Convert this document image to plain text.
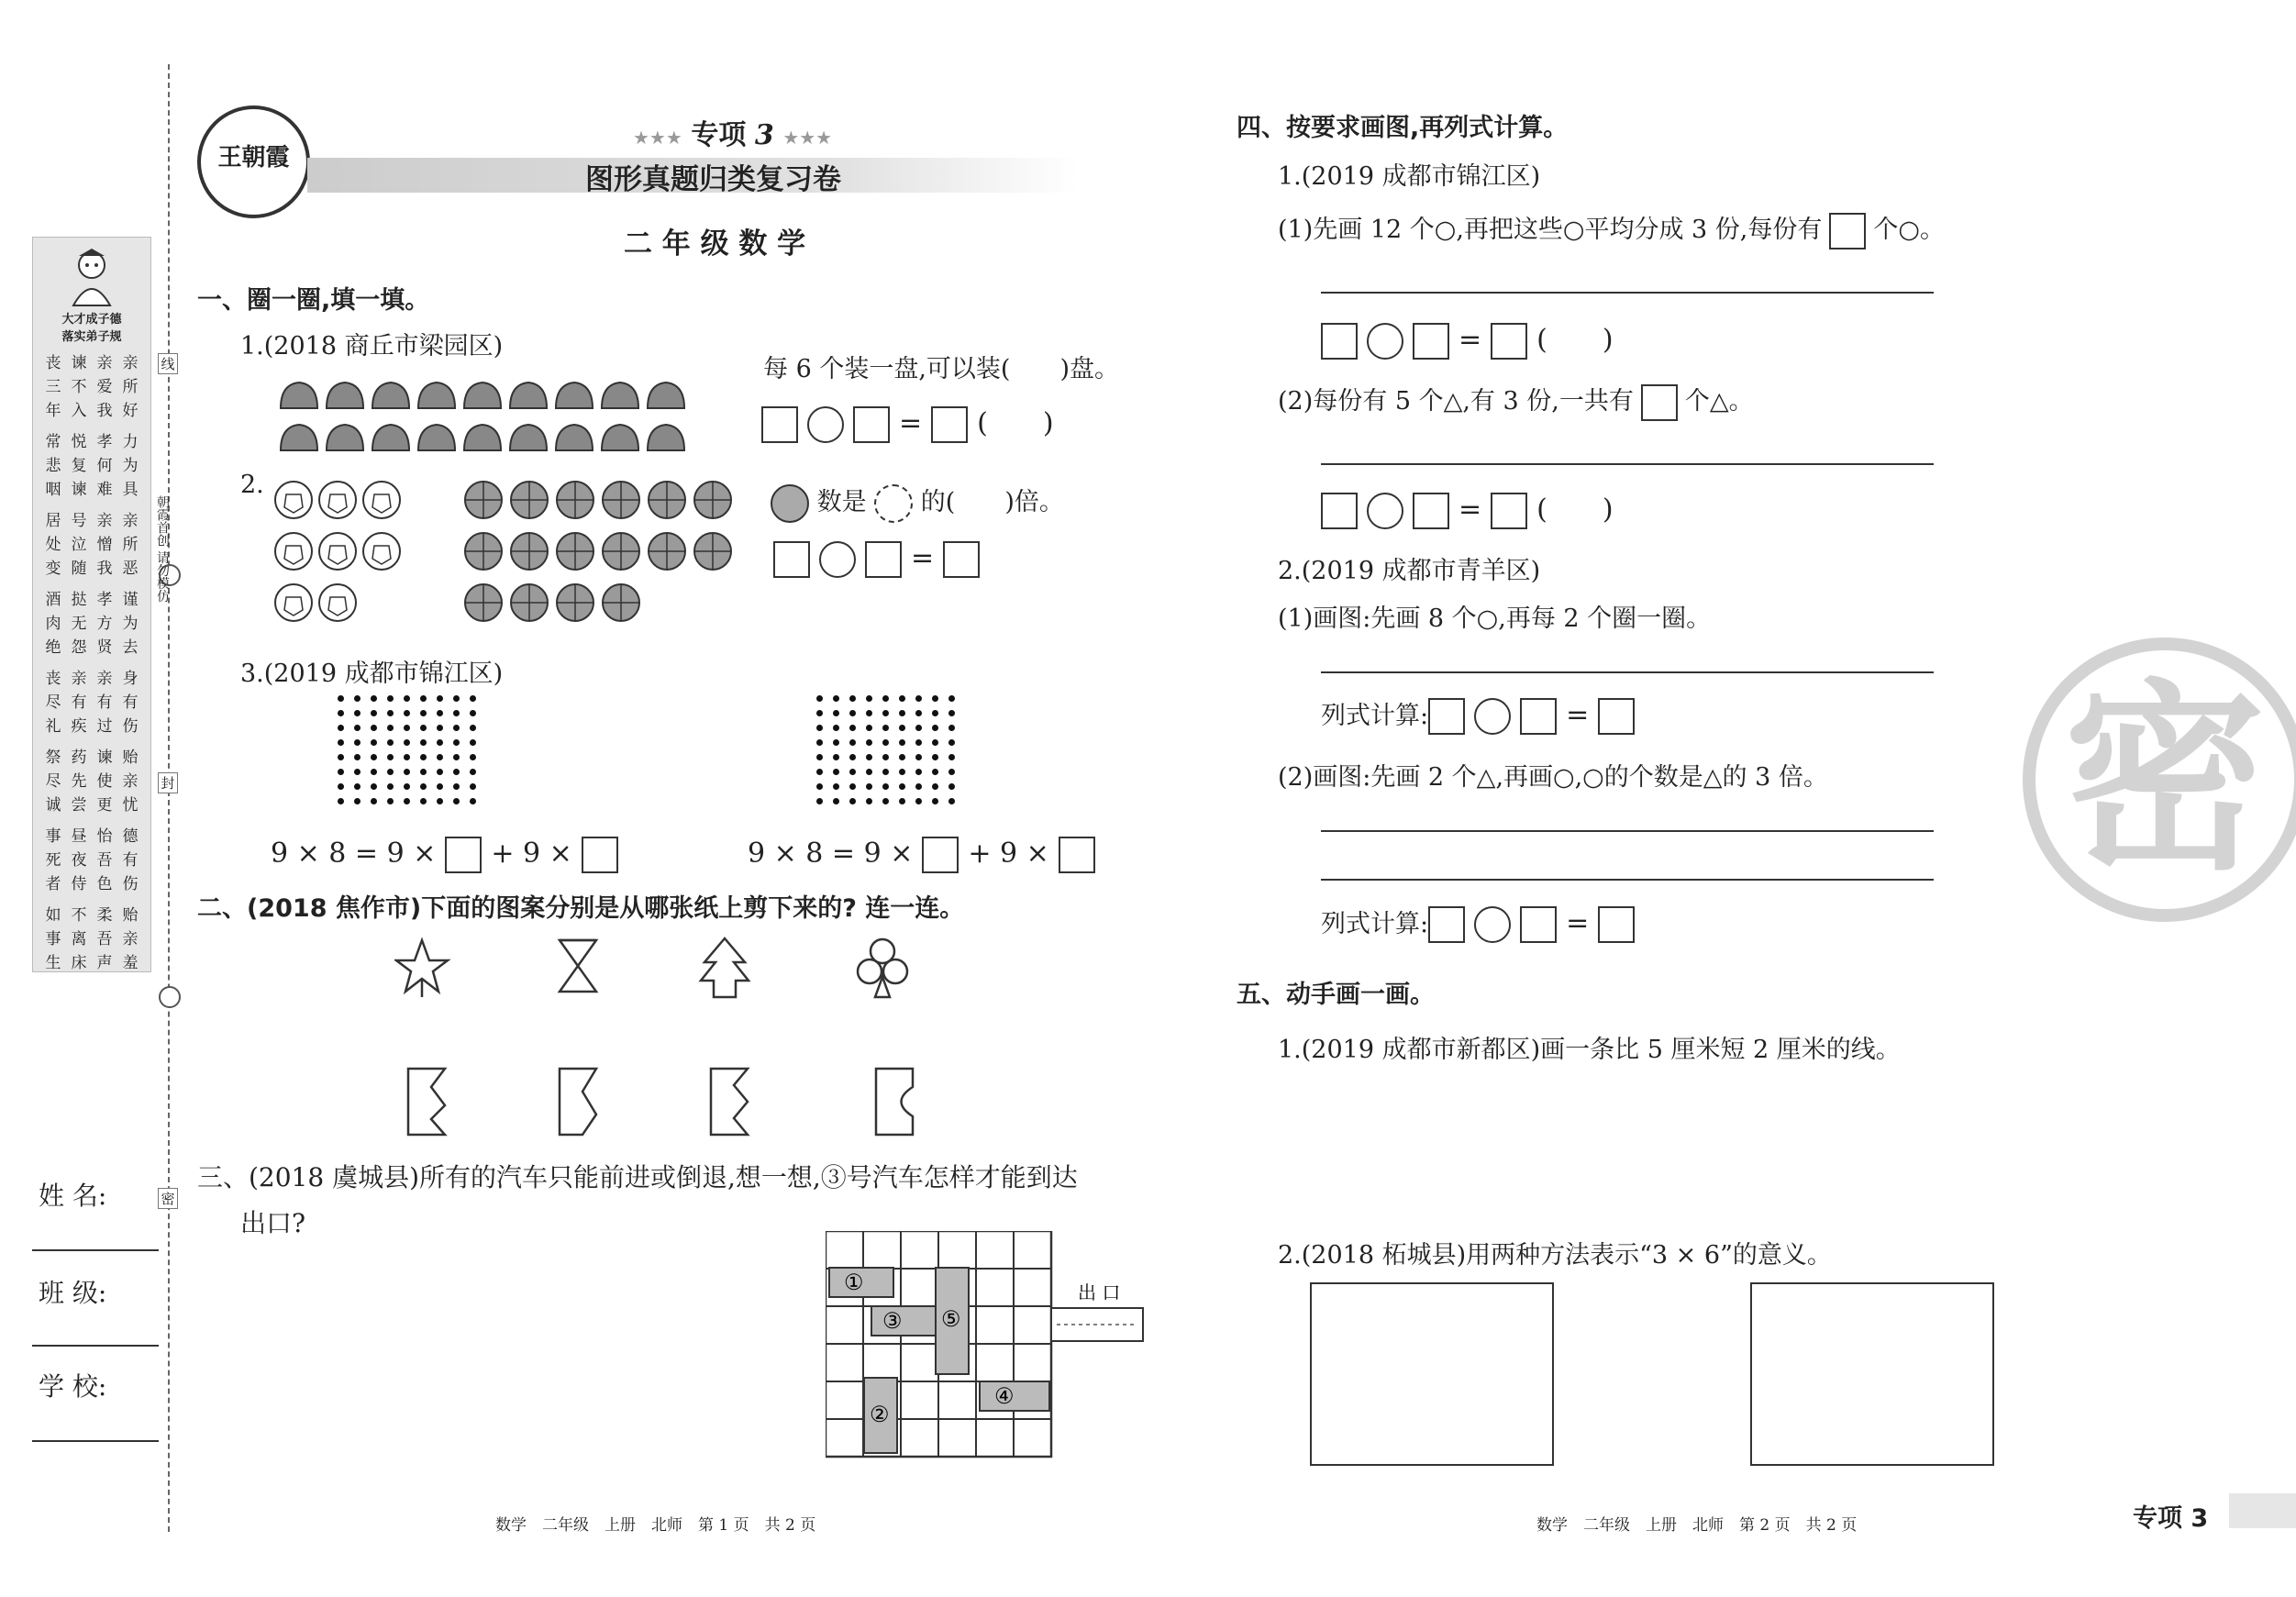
大才成子德
落实弟子规
丧 谏 亲 亲
三 不 爱 所
年 入 我 好
常 悦 孝 力
悲 复 何 为
咽 谏 难 具
居 号 亲 亲
处 泣 憎 所
变 随 我 恶
酒 挞 孝 谨
肉 无 方 为
绝 怨 贤 去
丧 亲 亲 身
尽 有 有 有
礼 疾 过 伤
祭 药 谏 贻
尽 先 使 亲
诚 尝 更 忧
事 昼 怡 德
死 夜 吾 有
者 侍 色 伤
如 不 柔 贻
事 离 吾 亲
生 床 声 羞
线
封
密
朝霞首创 请勿模仿
姓 名:
班 级:
学 校:
王朝霞
★★★ 专项 3 ★★★
图形真题归类复习卷
二 年 级 数 学
一、圈一圈,填一填。
1.(2018 商丘市梁园区)
每 6 个装一盘,可以装(　　)盘。
= (　　)
2.
数是 的(　　)倍。
=
3.(2019 成都市锦江区)
9 × 8 = 9 × + 9 ×	9 × 8 = 9 × + 9 ×
二、(2018 焦作市)下面的图案分别是从哪张纸上剪下来的? 连一连。
三、(2018 虞城县)所有的汽车只能前进或倒退,想一想,③号汽车怎样才能到达
出口?
①
③ ⑤
②
④
出 口
数学　二年级　上册　北师　第 1 页　共 2 页	数学　二年级　上册　北师　第 2 页　共 2 页	专项 3
密
四、按要求画图,再列式计算。
1.(2019 成都市锦江区)
(1)先画 12 个○,再把这些○平均分成 3 份,每份有 个○。
= (　　)
(2)每份有 5 个△,有 3 份,一共有 个△。
= (　　)
2.(2019 成都市青羊区)
(1)画图:先画 8 个○,再每 2 个圈一圈。
列式计算:	=
(2)画图:先画 2 个△,再画○,○的个数是△的 3 倍。
列式计算:	=
五、动手画一画。
1.(2019 成都市新都区)画一条比 5 厘米短 2 厘米的线。
2.(2018 柘城县)用两种方法表示“3 × 6”的意义。
